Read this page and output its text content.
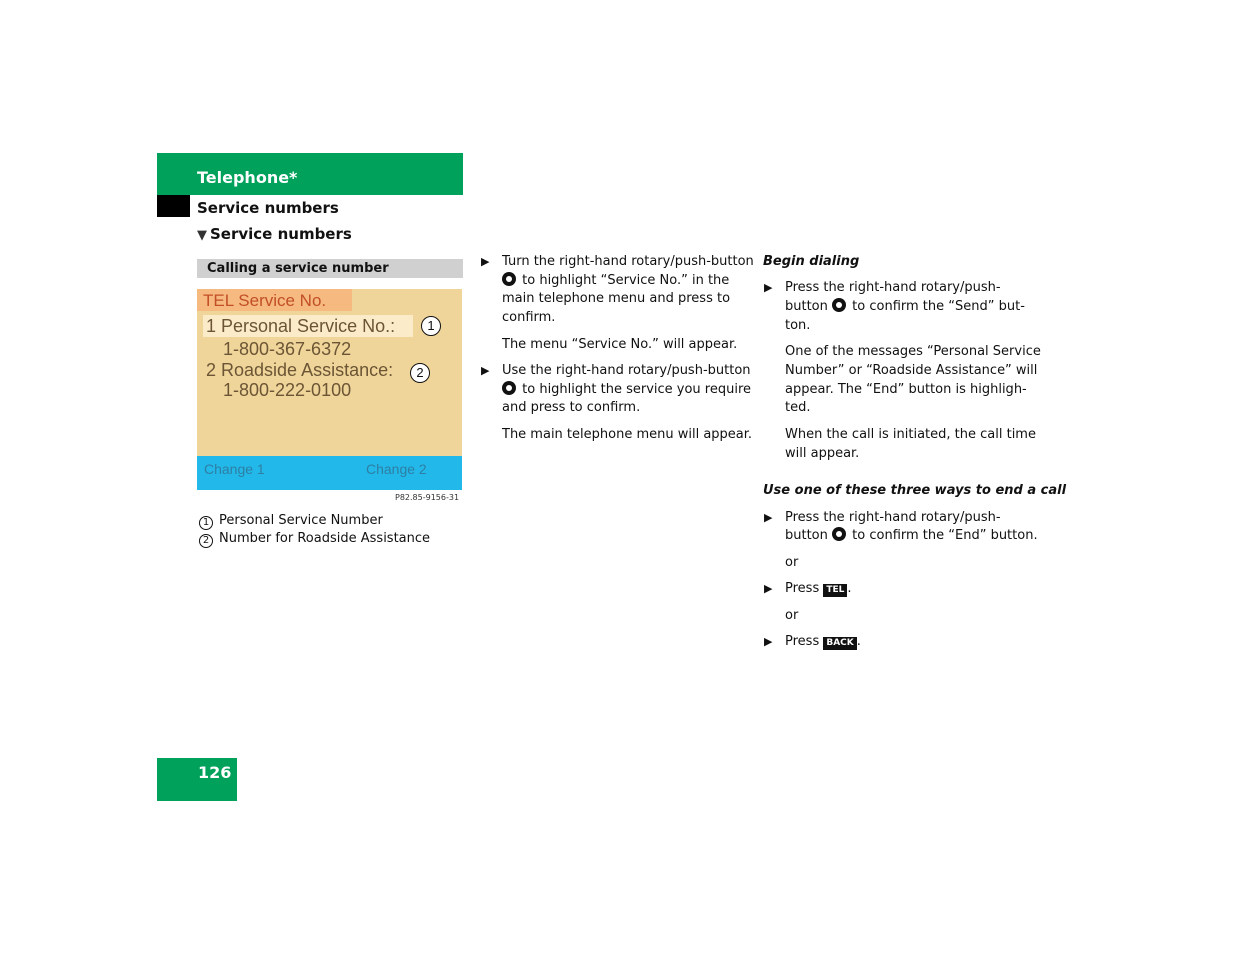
Telephone*
Service numbers
▼ Service numbers
Calling a service number
TEL Service No.
1 Personal Service No.:
1-800-367-6372
2 Roadside Assistance:
1-800-222-0100
Change 1	Change 2
1
2
P82.85-9156-31
1 Personal Service Number
2 Number for Roadside Assistance
▶ Turn the right-hand rotary/push-button
to highlight “Service No.” in the
main telephone menu and press to
confirm.
The menu “Service No.” will appear.
▶ Use the right-hand rotary/push-button
to highlight the service you require
and press to confirm.
The main telephone menu will appear.
Begin dialing
▶ Press the right-hand rotary/push-
button to confirm the “Send” but-
ton.
One of the messages “Personal Service
Number” or “Roadside Assistance” will
appear. The “End” button is highligh-
ted.
When the call is initiated, the call time
will appear.
Use one of these three ways to end a call
▶ Press the right-hand rotary/push-
button to confirm the “End” button.
or
▶ Press TEL .
or
▶ Press BACK .
126
